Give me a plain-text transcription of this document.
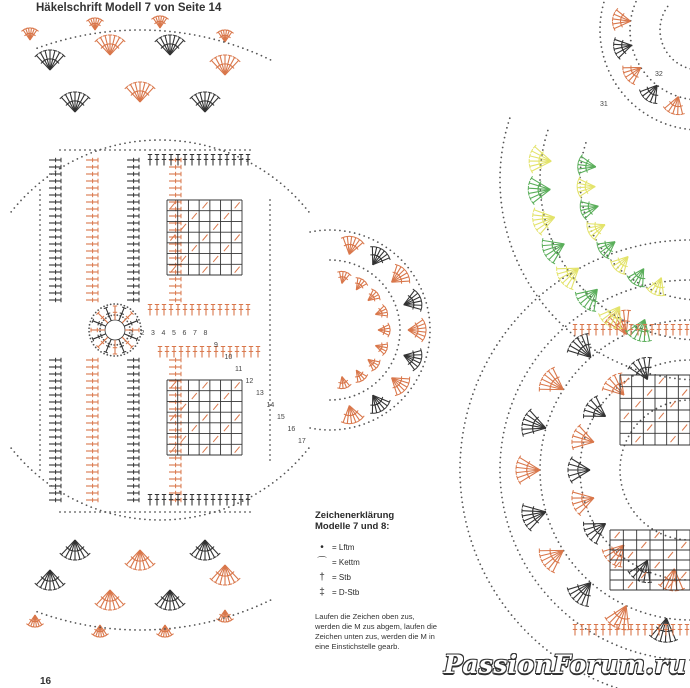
Häkelschrift Modell 7 von Seite 14
1 2 3 4 5 6 7 8
9
10
11
12
13
14
15
16
17
31
32
Zeichenerklärung
Modelle 7 und 8:
•	= Lftm
⌒ = Kettm
† = Stb
‡ = D-Stb
Laufen die Zeichen oben zus, werden die M zus abgem, laufen die Zeichen unten zus, werden die M in eine Einstichstelle gearb.
16
PassionForum.ru
